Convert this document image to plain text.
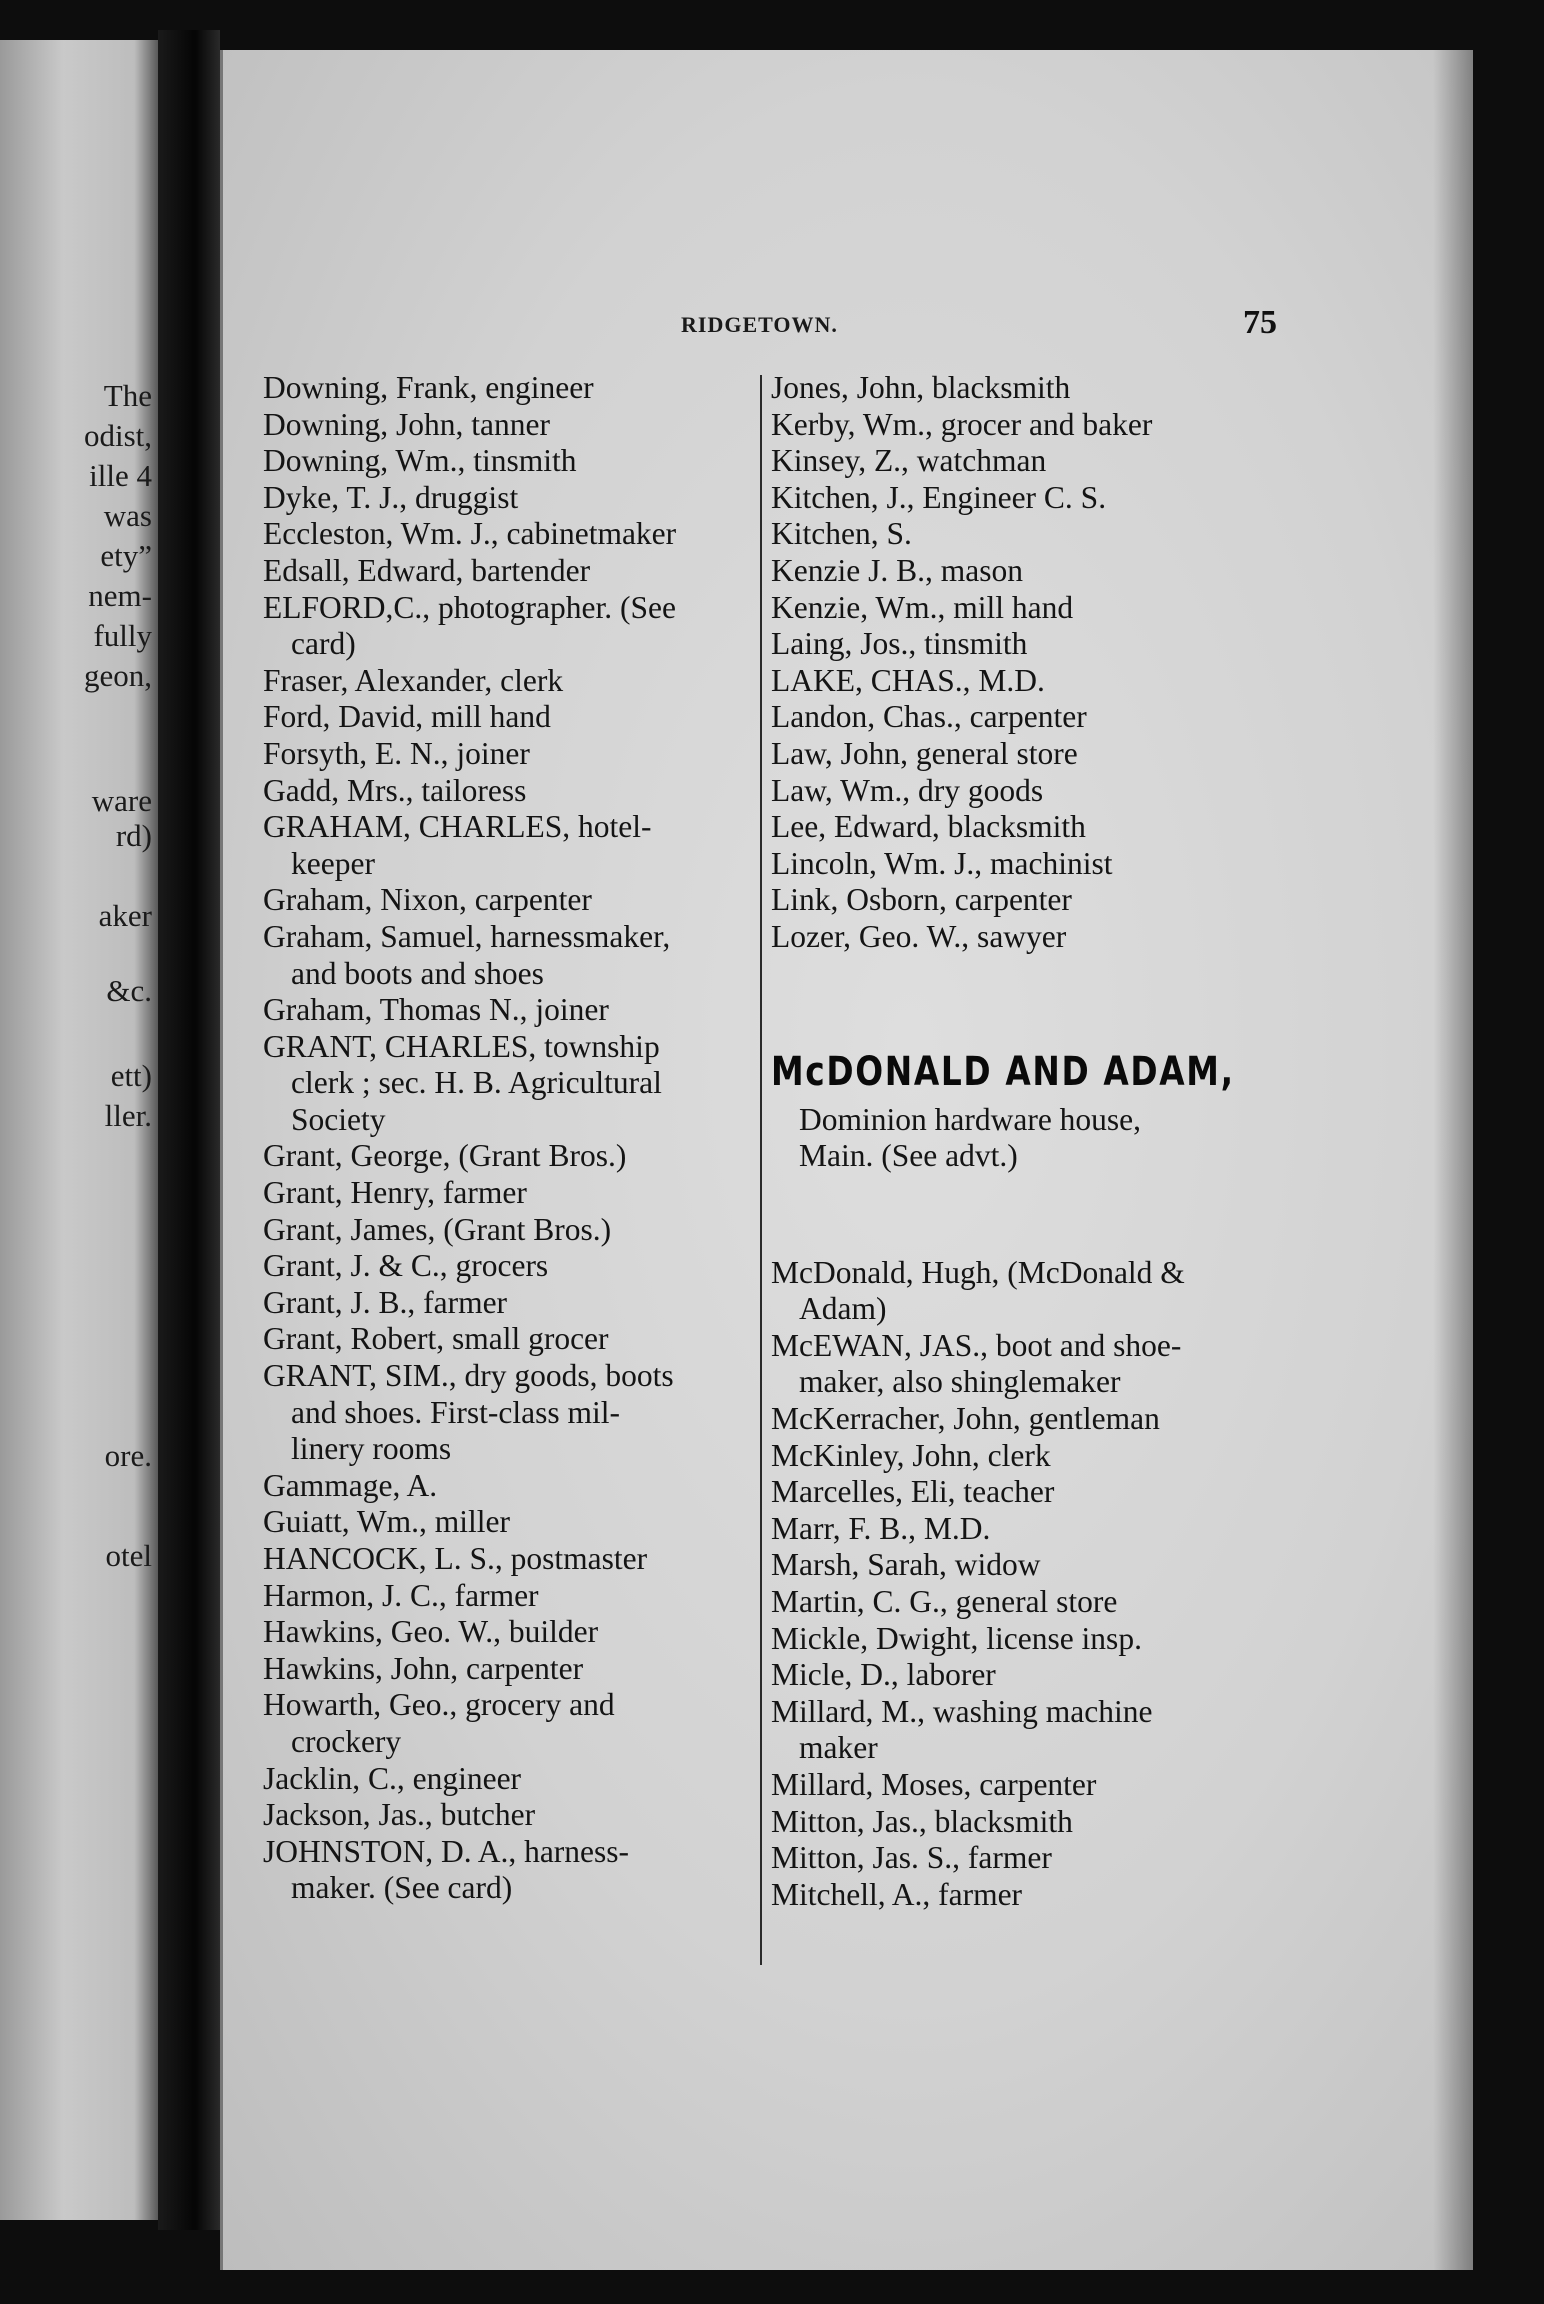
The
odist,
ille 4
was
ety”
nem-
fully
geon,
ware
rd)
aker
&c.
ett)
ller.
ore.
otel
RIDGETOWN.	75
Downing, Frank, engineer
Downing, John, tanner
Downing, Wm., tinsmith
Dyke, T. J., druggist
Eccleston, Wm. J., cabinetmaker
Edsall, Edward, bartender
ELFORD,C., photographer. (See
card)
Fraser, Alexander, clerk
Ford, David, mill hand
Forsyth, E. N., joiner
Gadd, Mrs., tailoress
GRAHAM, CHARLES, hotel-
keeper
Graham, Nixon, carpenter
Graham, Samuel, harnessmaker,
and boots and shoes
Graham, Thomas N., joiner
GRANT, CHARLES, township
clerk ; sec. H. B. Agricultural
Society
Grant, George, (Grant Bros.)
Grant, Henry, farmer
Grant, James, (Grant Bros.)
Grant, J. & C., grocers
Grant, J. B., farmer
Grant, Robert, small grocer
GRANT, SIM., dry goods, boots
and shoes. First-class mil-
linery rooms
Gammage, A.
Guiatt, Wm., miller
HANCOCK, L. S., postmaster
Harmon, J. C., farmer
Hawkins, Geo. W., builder
Hawkins, John, carpenter
Howarth, Geo., grocery and
crockery
Jacklin, C., engineer
Jackson, Jas., butcher
JOHNSTON, D. A., harness-
maker. (See card)
Jones, John, blacksmith
Kerby, Wm., grocer and baker
Kinsey, Z., watchman
Kitchen, J., Engineer C. S.
Kitchen, S.
Kenzie J. B., mason
Kenzie, Wm., mill hand
Laing, Jos., tinsmith
LAKE, CHAS., M.D.
Landon, Chas., carpenter
Law, John, general store
Law, Wm., dry goods
Lee, Edward, blacksmith
Lincoln, Wm. J., machinist
Link, Osborn, carpenter
Lozer, Geo. W., sawyer
McDONALD AND ADAM,
Dominion hardware house,
Main. (See advt.)
McDonald, Hugh, (McDonald &
Adam)
McEWAN, JAS., boot and shoe-
maker, also shinglemaker
McKerracher, John, gentleman
McKinley, John, clerk
Marcelles, Eli, teacher
Marr, F. B., M.D.
Marsh, Sarah, widow
Martin, C. G., general store
Mickle, Dwight, license insp.
Micle, D., laborer
Millard, M., washing machine
maker
Millard, Moses, carpenter
Mitton, Jas., blacksmith
Mitton, Jas. S., farmer
Mitchell, A., farmer
